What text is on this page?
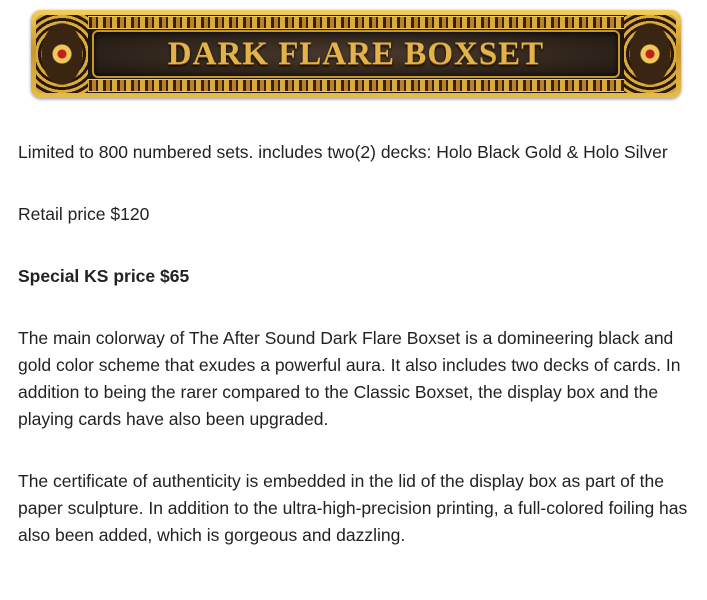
DARK FLARE BOXSET

Limited to 800 numbered sets. includes two(2) decks: Holo Black Gold & Holo Silver

Retail price $120

Special KS price $65

The main colorway of The After Sound Dark Flare Boxset is a domineering black and gold color scheme that exudes a powerful aura. It also includes two decks of cards. In addition to being the rarer compared to the Classic Boxset, the display box and the playing cards have also been upgraded.

The certificate of authenticity is embedded in the lid of the display box as part of the paper sculpture. In addition to the ultra-high-precision printing, a full-colored foiling has also been added, which is gorgeous and dazzling.
